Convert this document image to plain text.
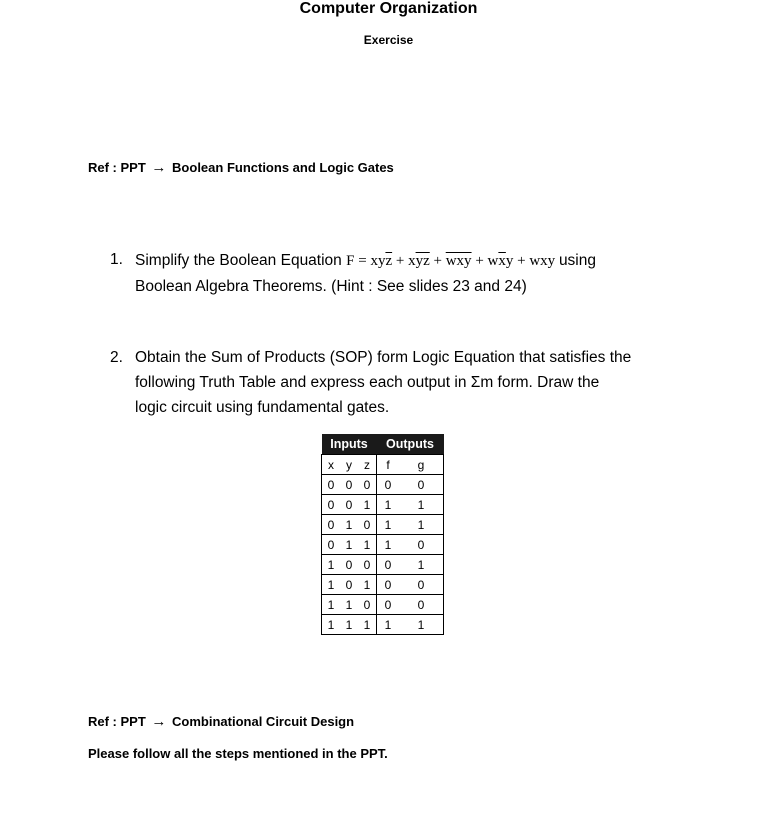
Computer Organization
Exercise
Ref : PPT → Boolean Functions and Logic Gates
1. Simplify the Boolean Equation $F = xy\overline{z} + x\overline{yz} + \overline{wxy} + w\overline{x}y$ + wxy using
Boolean Algebra Theorems. (Hint : See slides 23 and 24)
2. Obtain the Sum of Products (SOP) form Logic Equation that satisfies the
following Truth Table and express each output in Σm form. Draw the
logic circuit using fundamental gates.
Inputs			Outputs	
x	y	z	f	g
0	0	0	0	0
0	0	1	1	1
0	1	0	1	1
0	1	1	1	0
1	0	0	0	1
1	0	1	0	0
1	1	0	0	0
1	1	1	1	1
Ref : PPT → Combinational Circuit Design
Please follow all the steps mentioned in the PPT.
